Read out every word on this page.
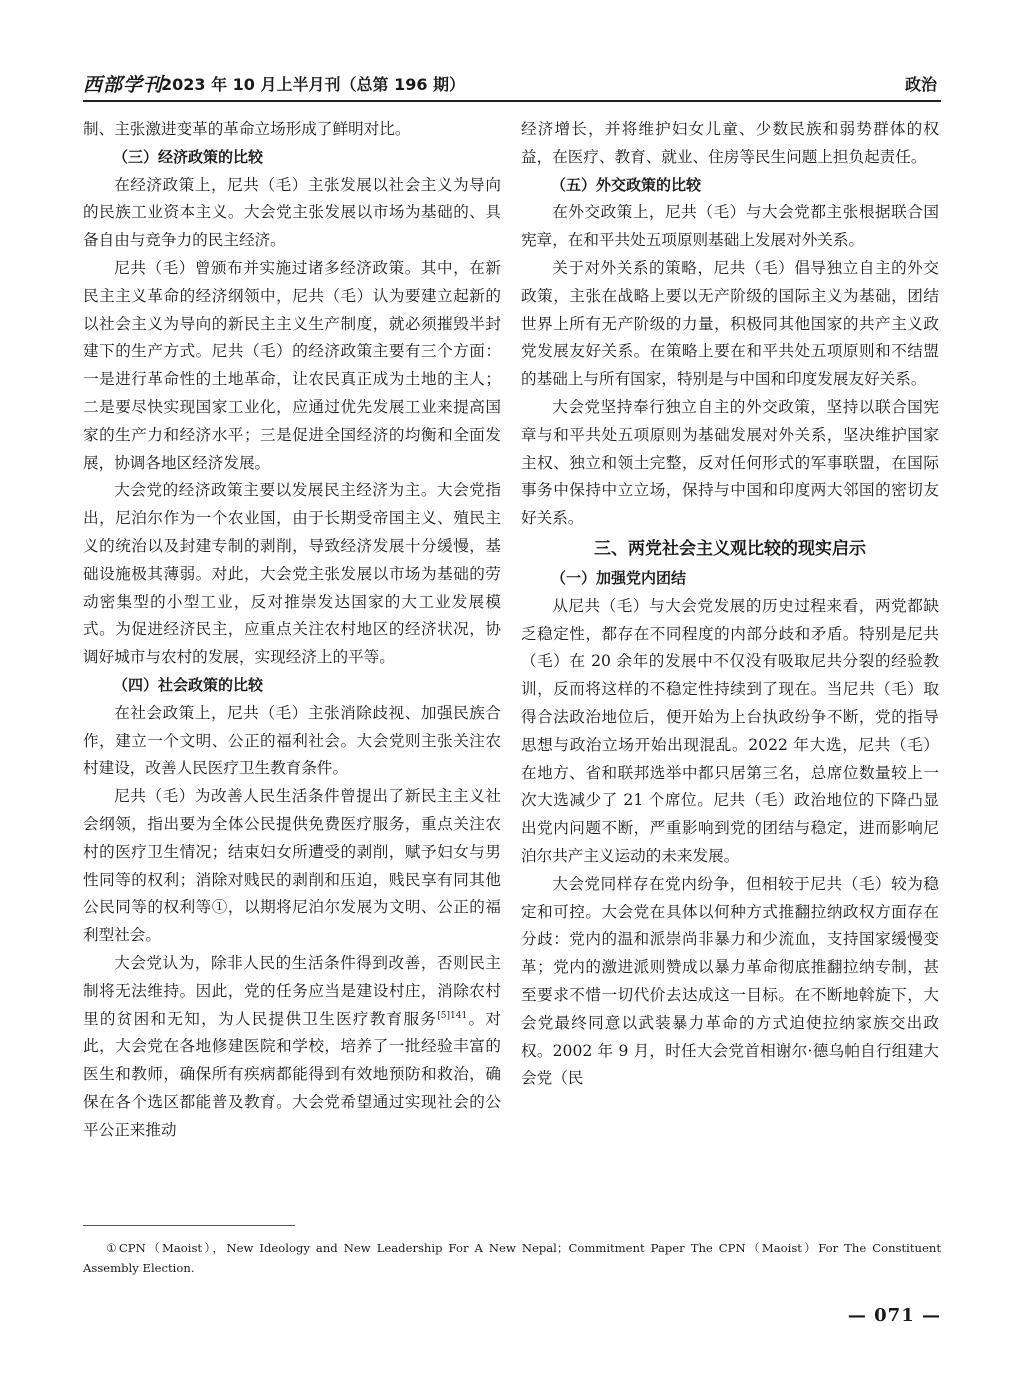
西部学刊
2023 年 10 月上半月刊（总第 196 期）	政治

制、主张激进变革的革命立场形成了鲜明对比。

（三）经济政策的比较

在经济政策上，尼共（毛）主张发展以社会主义为导向的民族工业资本主义。大会党主张发展以市场为基础的、具备自由与竞争力的民主经济。

尼共（毛）曾颁布并实施过诸多经济政策。其中，在新民主主义革命的经济纲领中，尼共（毛）认为要建立起新的以社会主义为导向的新民主主义生产制度，就必须摧毁半封建下的生产方式。尼共（毛）的经济政策主要有三个方面：一是进行革命性的土地革命，让农民真正成为土地的主人；二是要尽快实现国家工业化，应通过优先发展工业来提高国家的生产力和经济水平；三是促进全国经济的均衡和全面发展，协调各地区经济发展。

大会党的经济政策主要以发展民主经济为主。大会党指出，尼泊尔作为一个农业国，由于长期受帝国主义、殖民主义的统治以及封建专制的剥削，导致经济发展十分缓慢，基础设施极其薄弱。对此，大会党主张发展以市场为基础的劳动密集型的小型工业，反对推崇发达国家的大工业发展模式。为促进经济民主，应重点关注农村地区的经济状况，协调好城市与农村的发展，实现经济上的平等。

（四）社会政策的比较

在社会政策上，尼共（毛）主张消除歧视、加强民族合作，建立一个文明、公正的福利社会。大会党则主张关注农村建设，改善人民医疗卫生教育条件。

尼共（毛）为改善人民生活条件曾提出了新民主主义社会纲领，指出要为全体公民提供免费医疗服务，重点关注农村的医疗卫生情况；结束妇女所遭受的剥削，赋予妇女与男性同等的权利；消除对贱民的剥削和压迫，贱民享有同其他公民同等的权利等①，以期将尼泊尔发展为文明、公正的福利型社会。

大会党认为，除非人民的生活条件得到改善，否则民主制将无法维持。因此，党的任务应当是建设村庄，消除农村里的贫困和无知，为人民提供卫生医疗教育服务$^{[5]141}$。对此，大会党在各地修建医院和学校，培养了一批经验丰富的医生和教师，确保所有疾病都能得到有效地预防和救治，确保在各个选区都能普及教育。大会党希望通过实现社会的公平公正来推动

经济增长，并将维护妇女儿童、少数民族和弱势群体的权益，在医疗、教育、就业、住房等民生问题上担负起责任。

（五）外交政策的比较

在外交政策上，尼共（毛）与大会党都主张根据联合国宪章，在和平共处五项原则基础上发展对外关系。

关于对外关系的策略，尼共（毛）倡导独立自主的外交政策，主张在战略上要以无产阶级的国际主义为基础，团结世界上所有无产阶级的力量，积极同其他国家的共产主义政党发展友好关系。在策略上要在和平共处五项原则和不结盟的基础上与所有国家，特别是与中国和印度发展友好关系。

大会党坚持奉行独立自主的外交政策，坚持以联合国宪章与和平共处五项原则为基础发展对外关系，坚决维护国家主权、独立和领土完整，反对任何形式的军事联盟，在国际事务中保持中立立场，保持与中国和印度两大邻国的密切友好关系。

三、两党社会主义观比较的现实启示
（一）加强党内团结

从尼共（毛）与大会党发展的历史过程来看，两党都缺乏稳定性，都存在不同程度的内部分歧和矛盾。特别是尼共（毛）在 20 余年的发展中不仅没有吸取尼共分裂的经验教训，反而将这样的不稳定性持续到了现在。当尼共（毛）取得合法政治地位后，便开始为上台执政纷争不断，党的指导思想与政治立场开始出现混乱。2022 年大选，尼共（毛）在地方、省和联邦选举中都只居第三名，总席位数量较上一次大选减少了 21 个席位。尼共（毛）政治地位的下降凸显出党内问题不断，严重影响到党的团结与稳定，进而影响尼泊尔共产主义运动的未来发展。

大会党同样存在党内纷争，但相较于尼共（毛）较为稳定和可控。大会党在具体以何种方式推翻拉纳政权方面存在分歧：党内的温和派崇尚非暴力和少流血，支持国家缓慢变革；党内的激进派则赞成以暴力革命彻底推翻拉纳专制，甚至要求不惜一切代价去达成这一目标。在不断地斡旋下，大会党最终同意以武装暴力革命的方式迫使拉纳家族交出政权。2002 年 9 月，时任大会党首相谢尔·德乌帕自行组建大会党（民

①CPN（Maoist），New Ideology and New Leadership For A New Nepal；Commitment Paper The CPN（Maoist）For The Constituent Assembly Election.
— 071 —
